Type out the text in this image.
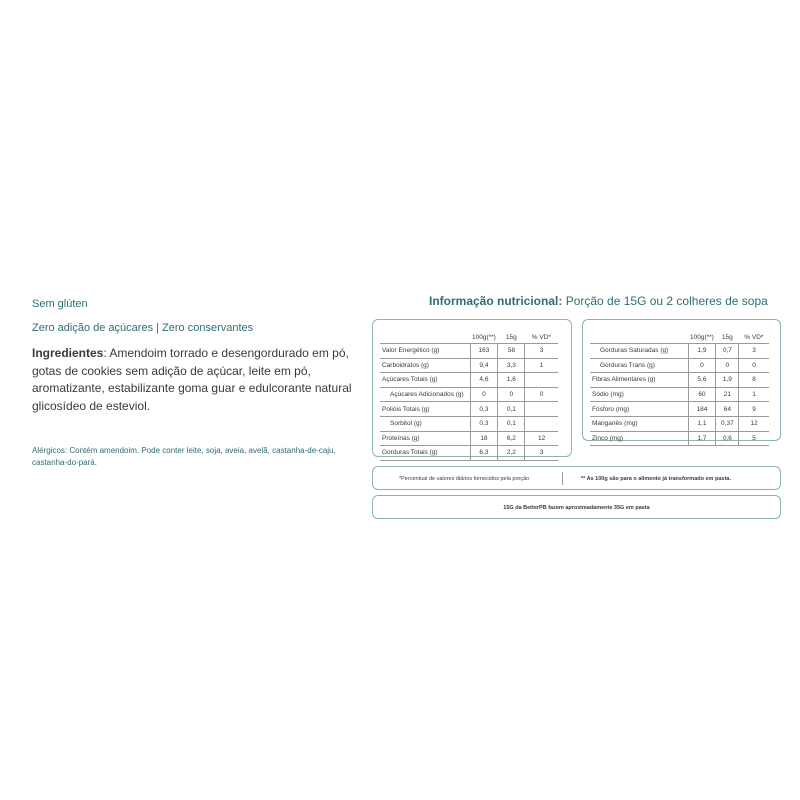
Sem glúten

Zero adição de açúcares | Zero conservantes

Ingredientes: Amendoim torrado e desengordurado em pó, gotas de cookies sem adição de açúcar, leite em pó, aromatizante, estabilizante goma guar e edulcorante natural glicosídeo de esteviol.

Alérgicos: Contém amendoim. Pode conter leite, soja, aveia, avelã, castanha-de-caju, castanha-do-pará.
Informação nutricional: Porção de 15G ou 2 colheres de sopa
	100g(**)	15g	% VD*
Valor Energético (g)	163	58	3
Carboidratos (g)	9,4	3,3	1
Açúcares Totais (g)	4,6	1,6	
Açúcares Adicionados (g)	0	0	0
Polióis Totais (g)	0,3	0,1	
Sorbitol (g)	0,3	0,1	
Proteínas (g)	18	6,2	12
Gorduras Totais (g)	6,3	2,2	3
	100g(**)	15g	% VD*
Gorduras Saturadas (g)	1,9	0,7	3
Gorduras Trans (g)	0	0	0
Fibras Alimentares (g)	5,6	1,9	8
Sódio (mg)	60	21	1
Fósforo (mg)	184	64	9
Manganês (mg)	1,1	0,37	12
Zinco (mg)	1,7	0,6	5
*Percentual de valores diários fornecidos pela porção	** As 100g são para o alimento já transformado em pasta.
15G da BetterPB fazem aproximadamente 35G em pasta
